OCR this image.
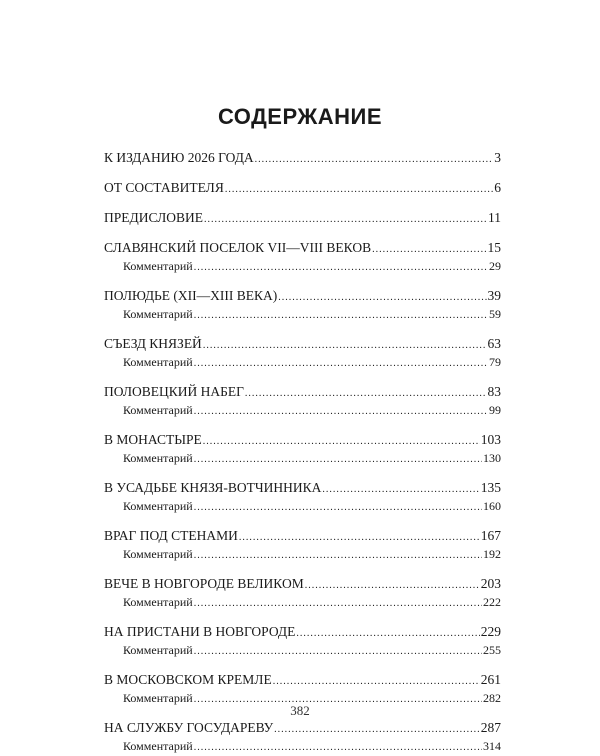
СОДЕРЖАНИЕ
К ИЗДАНИЮ 2026 ГОДА .....	3
ОТ СОСТАВИТЕЛЯ .....	6
ПРЕДИСЛОВИЕ .....	11
СЛАВЯНСКИЙ ПОСЕЛОК VII—VIII ВЕКОВ .....	15
Комментарий .....	29
ПОЛЮДЬЕ (XII—XIII ВЕКА) .....	39
Комментарий .....	59
СЪЕЗД КНЯЗЕЙ .....	63
Комментарий .....	79
ПОЛОВЕЦКИЙ НАБЕГ .....	83
Комментарий .....	99
В МОНАСТЫРЕ .....	103
Комментарий .....	130
В УСАДЬБЕ КНЯЗЯ-ВОТЧИННИКА .....	135
Комментарий .....	160
ВРАГ ПОД СТЕНАМИ .....	167
Комментарий .....	192
ВЕЧЕ В НОВГОРОДЕ ВЕЛИКОМ .....	203
Комментарий .....	222
НА ПРИСТАНИ В НОВГОРОДЕ .....	229
Комментарий .....	255
В МОСКОВСКОМ КРЕМЛЕ .....	261
Комментарий .....	282
НА СЛУЖБУ ГОСУДАРЕВУ .....	287
Комментарий .....	314
382
